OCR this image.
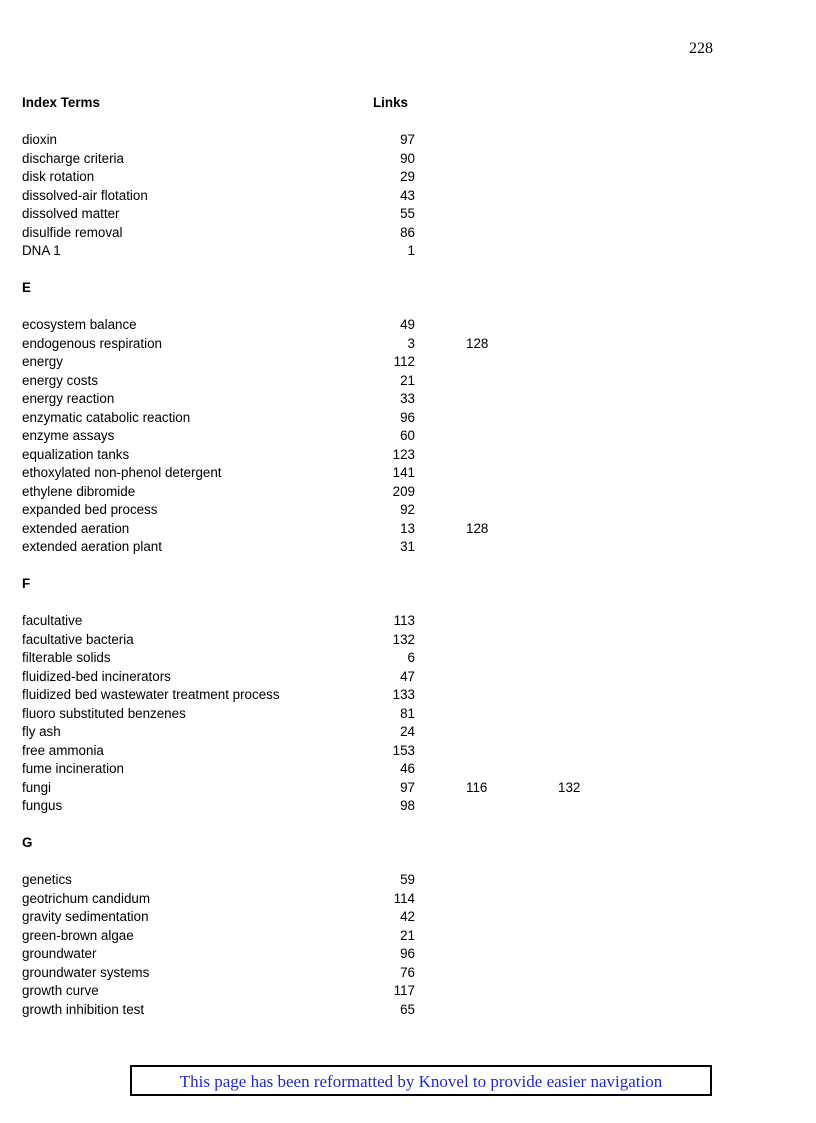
228
Index Terms	Links
dioxin	97
discharge criteria	90
disk rotation	29
dissolved-air flotation	43
dissolved matter	55
disulfide removal	86
DNA 1	1
E
ecosystem balance	49
endogenous respiration	3	128
energy	112
energy costs	21
energy reaction	33
enzymatic catabolic reaction	96
enzyme assays	60
equalization tanks	123
ethoxylated non-phenol detergent	141
ethylene dibromide	209
expanded bed process	92
extended aeration	13	128
extended aeration plant	31
F
facultative	113
facultative bacteria	132
filterable solids	6
fluidized-bed incinerators	47
fluidized bed wastewater treatment process	133
fluoro substituted benzenes	81
fly ash	24
free ammonia	153
fume incineration	46
fungi	97	116	132
fungus	98
G
genetics	59
geotrichum candidum	114
gravity sedimentation	42
green-brown algae	21
groundwater	96
groundwater systems	76
growth curve	117
growth inhibition test	65
This page has been reformatted by Knovel to provide easier navigation
